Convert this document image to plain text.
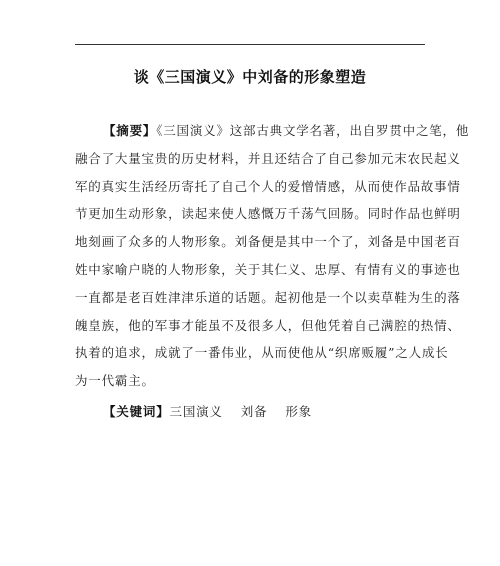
谈《三国演义》中刘备的形象塑造
【摘要】《三国演义》这部古典文学名著，出自罗贯中之笔，他
融合了大量宝贵的历史材料，并且还结合了自己参加元末农民起义
军的真实生活经历寄托了自己个人的爱憎情感，从而使作品故事情
节更加生动形象，读起来使人感慨万千荡气回肠。同时作品也鲜明
地刻画了众多的人物形象。刘备便是其中一个了，刘备是中国老百
姓中家喻户晓的人物形象，关于其仁义、忠厚、有情有义的事迹也
一直都是老百姓津津乐道的话题。起初他是一个以卖草鞋为生的落
魄皇族，他的军事才能虽不及很多人，但他凭着自己满腔的热情、
执着的追求，成就了一番伟业，从而使他从“织席贩履”之人成长
为一代霸主。
【关键词】三国演义 刘备 形象
